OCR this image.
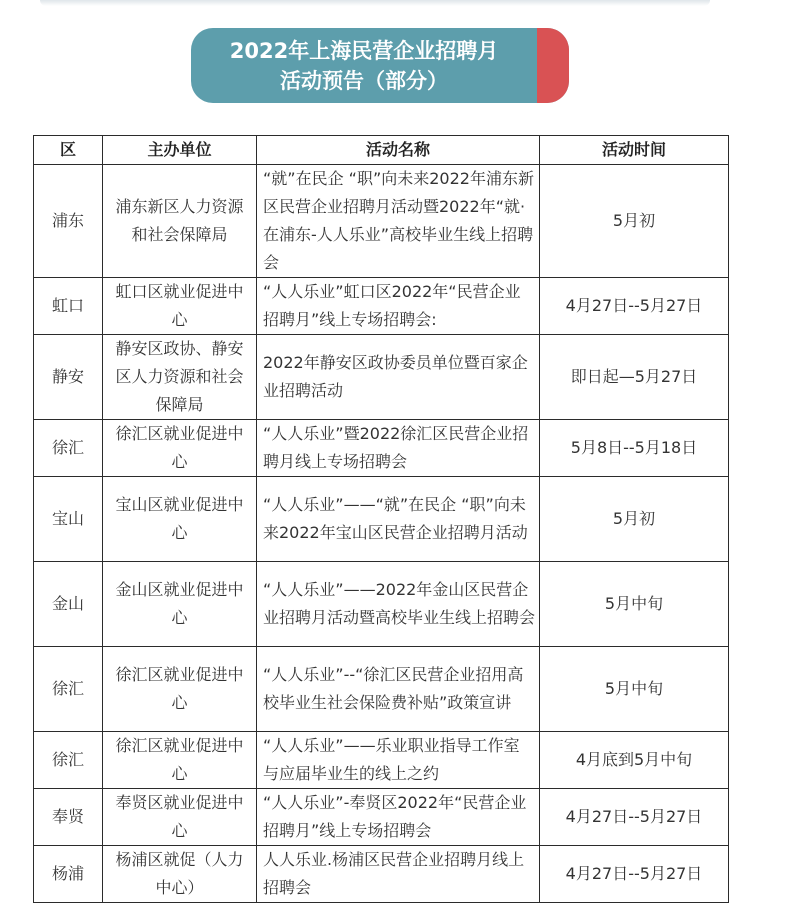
2022年上海民营企业招聘月
活动预告（部分）
区	主办单位	活动名称	活动时间
浦东	浦东新区人力资源和社会保障局	“就”在民企 “职”向未来2022年浦东新区民营企业招聘月活动暨2022年“就·在浦东-人人乐业”高校毕业生线上招聘会	5月初
虹口	虹口区就业促进中心	“人人乐业”虹口区2022年“民营企业招聘月”线上专场招聘会:	4月27日--5月27日
静安	静安区政协、静安区人力资源和社会保障局	2022年静安区政协委员单位暨百家企业招聘活动	即日起—5月27日
徐汇	徐汇区就业促进中心	“人人乐业”暨2022徐汇区民营企业招聘月线上专场招聘会	5月8日--5月18日
宝山	宝山区就业促进中心	“人人乐业”——“就”在民企 “职”向未来2022年宝山区民营企业招聘月活动	5月初
金山	金山区就业促进中心	“人人乐业”——2022年金山区民营企业招聘月活动暨高校毕业生线上招聘会	5月中旬
徐汇	徐汇区就业促进中心	“人人乐业”--“徐汇区民营企业招用高校毕业生社会保险费补贴”政策宣讲	5月中旬
徐汇	徐汇区就业促进中心	“人人乐业”——乐业职业指导工作室与应届毕业生的线上之约	4月底到5月中旬
奉贤	奉贤区就业促进中心	“人人乐业”-奉贤区2022年“民营企业招聘月”线上专场招聘会	4月27日--5月27日
杨浦	杨浦区就促（人力中心）	人人乐业.杨浦区民营企业招聘月线上招聘会	4月27日--5月27日
